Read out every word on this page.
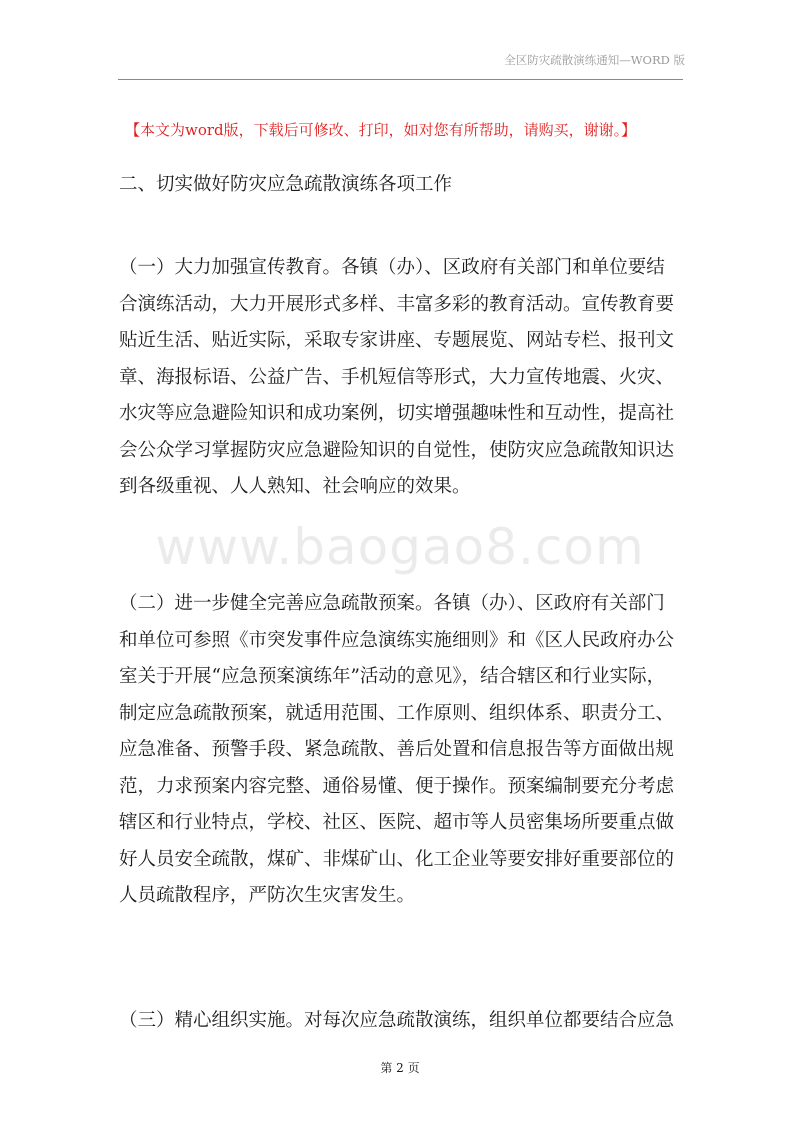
全区防灾疏散演练通知—WORD 版
【本文为word版，下载后可修改、打印，如对您有所帮助，请购买，谢谢。】
二、切实做好防灾应急疏散演练各项工作
（一）大力加强宣传教育。各镇（办）、区政府有关部门和单位要结
合演练活动，大力开展形式多样、丰富多彩的教育活动。宣传教育要
贴近生活、贴近实际，采取专家讲座、专题展览、网站专栏、报刊文
章、海报标语、公益广告、手机短信等形式，大力宣传地震、火灾、
水灾等应急避险知识和成功案例，切实增强趣味性和互动性，提高社
会公众学习掌握防灾应急避险知识的自觉性，使防灾应急疏散知识达
到各级重视、人人熟知、社会响应的效果。
www.baogao8.com
（二）进一步健全完善应急疏散预案。各镇（办）、区政府有关部门
和单位可参照《市突发事件应急演练实施细则》和《区人民政府办公
室关于开展“应急预案演练年”活动的意见》，结合辖区和行业实际，
制定应急疏散预案，就适用范围、工作原则、组织体系、职责分工、
应急准备、预警手段、紧急疏散、善后处置和信息报告等方面做出规
范，力求预案内容完整、通俗易懂、便于操作。预案编制要充分考虑
辖区和行业特点，学校、社区、医院、超市等人员密集场所要重点做
好人员安全疏散，煤矿、非煤矿山、化工企业等要安排好重要部位的
人员疏散程序，严防次生灾害发生。
（三）精心组织实施。对每次应急疏散演练，组织单位都要结合应急
第 2 页
